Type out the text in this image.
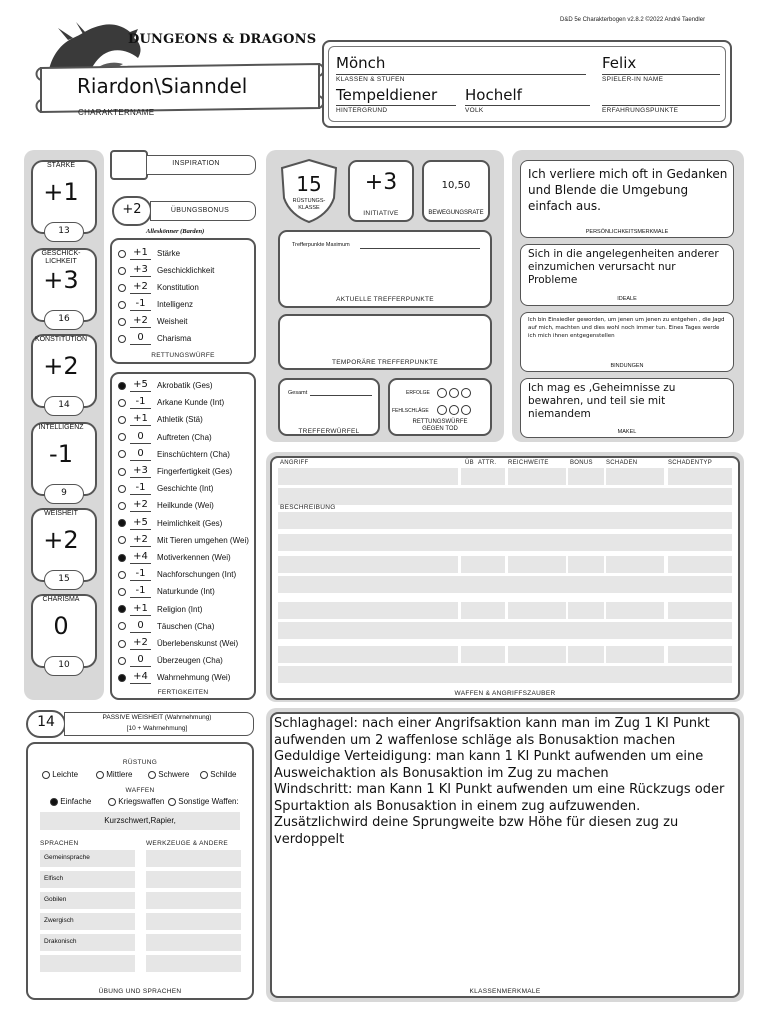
D&D 5e Charakterbogen v2.8.2 ©2022 André Taendler
DUNGEONS & DRAGONS
Riardon\Sianndel
CHARAKTERNAME
Mönch
KLASSEN & STUFEN
Felix
SPIELER-IN NAME
Tempeldiener
HINTERGRUND
Hochelf
VOLK	ERFAHRUNGSPUNKTE
STÄRKE
+1
13
GESCHICK-
LICHKEIT
+3
16
KONSTITUTION
+2
14
INTELLIGENZ
-1
9
WEISHEIT
+2
15
CHARISMA
0
10
INSPIRATION
+2	ÜBUNGSBONUS
Alleskönner (Barden)
+1	Stärke
+3	Geschicklichkeit
+2	Konstitution
-1	Intelligenz
+2	Weisheit
0	Charisma
RETTUNGSWÜRFE
+5	Akrobatik (Ges)
-1	Arkane Kunde (Int)
+1	Athletik (Stä)
0	Auftreten (Cha)
0	Einschüchtern (Cha)
+3	Fingerfertigkeit (Ges)
-1	Geschichte (Int)
+2	Heilkunde (Wei)
+5	Heimlichkeit (Ges)
+2	Mit Tieren umgehen (Wei)
+4	Motiverkennen (Wei)
-1	Nachforschungen (Int)
-1	Naturkunde (Int)
+1	Religion (Int)
0	Täuschen (Cha)
+2	Überlebenskunst (Wei)
0	Überzeugen (Cha)
+4	Wahrnehmung (Wei)
FERTIGKEITEN
14	PASSIVE WEISHEIT (Wahrnehmung)
[10 + Wahrnehmung]
RÜSTUNG
Leichte	Mittlere	Schwere	Schilde
WAFFEN
Einfache	Kriegswaffen	Sonstige Waffen:
Kurzschwert,Rapier,
SPRACHEN	WERKZEUGE & ANDERE
Gemeinsprache
Elfisch
Gobilen
Zwergisch
Drakonisch
ÜBUNG UND SPRACHEN
15
RÜSTUNGS-
KLASSE
+3
INITIATIVE
10,50
BEWEGUNGSRATE
Trefferpunkte Maximum
AKTUELLE TREFFERPUNKTE
TEMPORÄRE TREFFERPUNKTE
Gesamt
TREFFERWÜRFEL
ERFOLGE
FEHLSCHLÄGE
RETTUNGSWÜRFE
GEGEN TOD
Ich verliere mich oft in Gedanken und Blende die Umgebung einfach aus.
PERSÖNLICHKEITSMERKMALE
Sich in die angelegenheiten anderer einzumichen verursacht nur Probleme
IDEALE
Ich bin Einsiedler geworden, um jenen um jenen zu entgehen , die Jagd auf mich, machten und dies wohl noch immer tun. Eines Tages werde ich mich ihnen entgegenstellen
BINDUNGEN
Ich mag es ,Geheimnisse zu bewahren, und teil sie mit niemandem
MAKEL
ANGRIFF	ÜB ATTR. REICHWEITE	BONUS SCHADEN	SCHADENTYP
BESCHREIBUNG
WAFFEN & ANGRIFFSZAUBER
Schlaghagel: nach einer Angrifsaktion kann man im Zug 1 KI Punkt aufwenden um 2 waffenlose schläge als Bonusaktion machen
Geduldige Verteidigung: man kann 1 KI Punkt aufwenden um eine Ausweichaktion als Bonusaktion im Zug zu machen
Windschritt: man Kann 1 KI Punkt aufwenden um eine Rückzugs oder Spurtaktion als Bonusaktion in einem zug aufzuwenden.
Zusätzlichwird deine Sprungweite bzw Höhe für diesen zug zu verdoppelt
KLASSENMERKMALE
